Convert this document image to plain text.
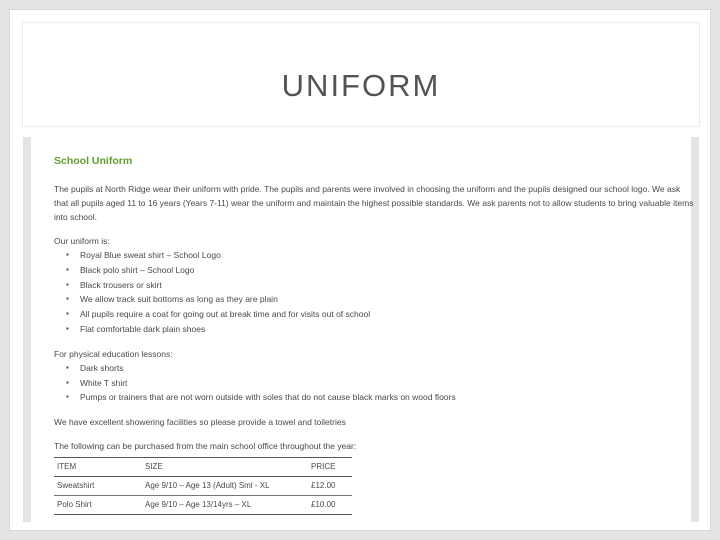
UNIFORM
School Uniform
The pupils at North Ridge wear their uniform with pride. The pupils and parents were involved in choosing the uniform and the pupils designed our school logo. We ask that all pupils aged 11 to 16 years (Years 7-11) wear the uniform and maintain the highest possible standards. We ask parents not to allow students to bring valuable items into school.
Our uniform is:
▪ Royal Blue sweat shirt – School Logo
▪ Black polo shirt – School Logo
▪ Black trousers or skirt
▪ We allow track suit bottoms as long as they are plain
▪ All pupils require a coat for going out at break time and for visits out of school
▪ Flat comfortable dark plain shoes
For physical education lessons:
▪ Dark shorts
▪ White T shirt
▪ Pumps or trainers that are not worn outside with soles that do not cause black marks on wood floors
We have excellent showering facilities so please provide a towel and toiletries
The following can be purchased from the main school office throughout the year:
ITEM	SIZE	PRICE
Sweatshirt	Age 9/10 – Age 13 (Adult) Sml - XL	£12.00
Polo Shirt	Age 9/10 – Age 13/14yrs – XL	£10.00
